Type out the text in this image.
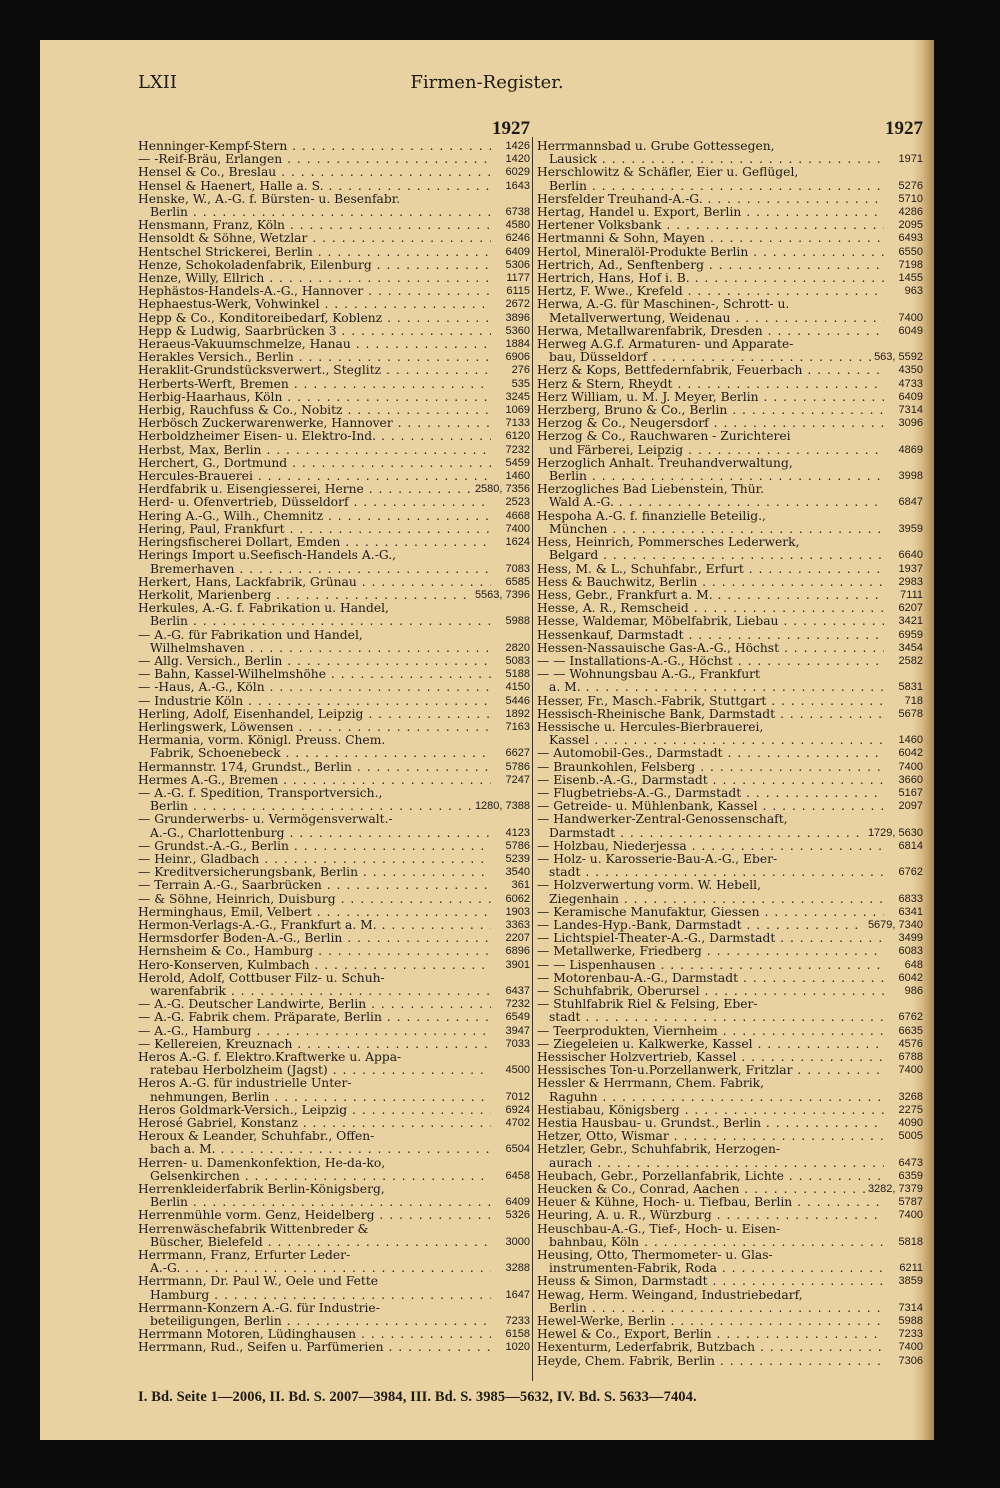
LXII	Firmen-Register.
1927
Henninger-Kempf-Stern . . .	1426
— -Reif-Bräu, Erlangen . . .	1420
Hensel & Co., Breslau . . .	6029
Hensel & Haenert, Halle a. S. . . .	1643
Henske, W., A.-G. f. Bürsten- u. Besenfabr.
Berlin . . .	6738
Hensmann, Franz, Köln . . .	4580
Hensoldt & Söhne, Wetzlar . . .	6246
Hentschel Strickerei, Berlin . . .	6409
Henze, Schokoladenfabrik, Eilenburg . . .	5306
Henze, Willy, Ellrich . . .	1177
Hephästos-Handels-A.-G., Hannover . . .	6115
Hephaestus-Werk, Vohwinkel . . .	2672
Hepp & Co., Konditoreibedarf, Koblenz . . .	3896
Hepp & Ludwig, Saarbrücken 3 . . .	5360
Heraeus-Vakuumschmelze, Hanau . . .	1884
Herakles Versich., Berlin . . .	6906
Heraklit-Grundstücksverwert., Steglitz . . .	276
Herberts-Werft, Bremen . . .	535
Herbig-Haarhaus, Köln . . .	3245
Herbig, Rauchfuss & Co., Nobitz . . .	1069
Herbösch Zuckerwarenwerke, Hannover . . .	7133
Herboldzheimer Eisen- u. Elektro-Ind. . . .	6120
Herbst, Max, Berlin . . .	7232
Herchert, G., Dortmund . . .	5459
Hercules-Brauerei . . .	1460
Herdfabrik u. Eisengiesserei, Herne . . .	2580, 7356
Herd- u. Ofenvertrieb, Düsseldorf . . .	2523
Hering A.-G., Wilh., Chemnitz . . .	4668
Hering, Paul, Frankfurt . . .	7400
Heringsfischerei Dollart, Emden . . .	1624
Herings Import u.Seefisch-Handels A.-G.,
Bremerhaven . . .	7083
Herkert, Hans, Lackfabrik, Grünau . . .	6585
Herkolit, Marienberg . . .	5563, 7396
Herkules, A.-G. f. Fabrikation u. Handel,
Berlin . . .	5988
— A.-G. für Fabrikation und Handel,
Wilhelmshaven . . .	2820
— Allg. Versich., Berlin . . .	5083
— Bahn, Kassel-Wilhelmshöhe . . .	5188
— -Haus, A.-G., Köln . . .	4150
— Industrie Köln . . .	5446
Herling, Adolf, Eisenhandel, Leipzig . . .	1892
Herlingswerk, Löwensen . . .	7163
Hermania, vorm. Königl. Preuss. Chem.
Fabrik, Schoenebeck . . .	6627
Hermannstr. 174, Grundst., Berlin . . .	5786
Hermes A.-G., Bremen . . .	7247
— A.-G. f. Spedition, Transportversich.,
Berlin . . .	1280, 7388
— Grunderwerbs- u. Vermögensverwalt.-
A.-G., Charlottenburg . . .	4123
— Grundst.-A.-G., Berlin . . .	5786
— Heinr., Gladbach . . .	5239
— Kreditversicherungsbank, Berlin . . .	3540
— Terrain A.-G., Saarbrücken . . .	361
— & Söhne, Heinrich, Duisburg . . .	6062
Herminghaus, Emil, Velbert . . .	1903
Hermon-Verlags-A.-G., Frankfurt a. M. . . .	3363
Hermsdorfer Boden-A.-G., Berlin . . .	2207
Hernsheim & Co., Hamburg . . .	6896
Hero-Konserven, Kulmbach . . .	3901
Herold, Adolf, Cottbuser Filz- u. Schuh-
warenfabrik . . .	6437
— A.-G. Deutscher Landwirte, Berlin . . .	7232
— A.-G. Fabrik chem. Präparate, Berlin . . .	6549
— A.-G., Hamburg . . .	3947
— Kellereien, Kreuznach . . .	7033
Heros A.-G. f. Elektro.Kraftwerke u. Appa-
ratebau Herbolzheim (Jagst) . . .	4500
Heros A.-G. für industrielle Unter-
nehmungen, Berlin . . .	7012
Heros Goldmark-Versich., Leipzig . . .	6924
Herosé Gabriel, Konstanz . . .	4702
Heroux & Leander, Schuhfabr., Offen-
bach a. M. . . .	6504
Herren- u. Damenkonfektion, He-da-ko,
Gelsenkirchen . . .	6458
Herrenkleiderfabrik Berlin-Königsberg,
Berlin . . .	6409
Herrenmühle vorm. Genz, Heidelberg . . .	5326
Herrenwäschefabrik Wittenbreder &
Büscher, Bielefeld . . .	3000
Herrmann, Franz, Erfurter Leder-
A.-G. . . .	3288
Herrmann, Dr. Paul W., Oele und Fette
Hamburg . . .	1647
Herrmann-Konzern A.-G. für Industrie-
beteiligungen, Berlin . . .	7233
Herrmann Motoren, Lüdinghausen . . .	6158
Herrmann, Rud., Seifen u. Parfümerien . . .	1020
1927
Herrmannsbad u. Grube Gottessegen,
Lausick . . .	1971
Herschlowitz & Schäfler, Eier u. Geflügel,
Berlin . . .	5276
Hersfelder Treuhand-A.-G. . . .	5710
Hertag, Handel u. Export, Berlin . . .	4286
Hertener Volksbank . . .	2095
Hertmanni & Sohn, Mayen . . .	6493
Hertol, Mineralöl-Produkte Berlin . . .	6550
Hertrich, Ad., Senftenberg . . .	7198
Hertrich, Hans, Hof i. B. . . .	1455
Hertz, F. Wwe., Krefeld . . .	963
Herwa, A.-G. für Maschinen-, Schrott- u.
Metallverwertung, Weidenau . . .	7400
Herwa, Metallwarenfabrik, Dresden . . .	6049
Herweg A.G.f. Armaturen- und Apparate-
bau, Düsseldorf . . .	563, 5592
Herz & Kops, Bettfedernfabrik, Feuerbach . . .	4350
Herz & Stern, Rheydt . . .	4733
Herz William, u. M. J. Meyer, Berlin . . .	6409
Herzberg, Bruno & Co., Berlin . . .	7314
Herzog & Co., Neugersdorf . . .	3096
Herzog & Co., Rauchwaren - Zurichterei
und Färberei, Leipzig . . .	4869
Herzoglich Anhalt. Treuhandverwaltung,
Berlin . . .	3998
Herzogliches Bad Liebenstein, Thür.
Wald A.-G. . . .	6847
Hespoha A.-G. f. finanzielle Beteilig.,
München . . .	3959
Hess, Heinrich, Pommersches Lederwerk,
Belgard . . .	6640
Hess, M. & L., Schuhfabr., Erfurt . . .	1937
Hess & Bauchwitz, Berlin . . .	2983
Hess, Gebr., Frankfurt a. M. . . .	7111
Hesse, A. R., Remscheid . . .	6207
Hesse, Waldemar, Möbelfabrik, Liebau . . .	3421
Hessenkauf, Darmstadt . . .	6959
Hessen-Nassauische Gas-A.-G., Höchst . . .	3454
— — Installations-A.-G., Höchst . . .	2582
— — Wohnungsbau A.-G., Frankfurt
a. M. . . .	5831
Hesser, Fr., Masch.-Fabrik, Stuttgart . . .	718
Hessisch-Rheinische Bank, Darmstadt . . .	5678
Hessische u. Hercules-Bierbrauerei,
Kassel . . .	1460
— Automobil-Ges., Darmstadt . . .	6042
— Braunkohlen, Felsberg . . .	7400
— Eisenb.-A.-G., Darmstadt . . .	3660
— Flugbetriebs-A.-G., Darmstadt . . .	5167
— Getreide- u. Mühlenbank, Kassel . . .	2097
— Handwerker-Zentral-Genossenschaft,
Darmstadt . . .	1729, 5630
— Holzbau, Niederjessa . . .	6814
— Holz- u. Karosserie-Bau-A.-G., Eber-
stadt . . .	6762
— Holzverwertung vorm. W. Hebell,
Ziegenhain . . .	6833
— Keramische Manufaktur, Giessen . . .	6341
— Landes-Hyp.-Bank, Darmstadt . . .	5679, 7340
— Lichtspiel-Theater-A.-G., Darmstadt . . .	3499
— Metallwerke, Friedberg . . .	6083
— — Lispenhausen . . .	648
— Motorenbau-A.-G., Darmstadt . . .	6042
— Schuhfabrik, Oberursel . . .	986
— Stuhlfabrik Riel & Felsing, Eber-
stadt . . .	6762
— Teerprodukten, Viernheim . . .	6635
— Ziegeleien u. Kalkwerke, Kassel . . .	4576
Hessischer Holzvertrieb, Kassel . . .	6788
Hessisches Ton-u.Porzellanwerk, Fritzlar . . .	7400
Hessler & Herrmann, Chem. Fabrik,
Raguhn . . .	3268
Hestiabau, Königsberg . . .	2275
Hestia Hausbau- u. Grundst., Berlin . . .	4090
Hetzer, Otto, Wismar . . .	5005
Hetzler, Gebr., Schuhfabrik, Herzogen-
aurach . . .	6473
Heubach, Gebr., Porzellanfabrik, Lichte . . .	6359
Heucken & Co., Conrad, Aachen . . .	3282, 7379
Heuer & Kühne, Hoch- u. Tiefbau, Berlin . . .	5787
Heuring, A. u. R., Würzburg . . .	7400
Heuschbau-A.-G., Tief-, Hoch- u. Eisen-
bahnbau, Köln . . .	5818
Heusing, Otto, Thermometer- u. Glas-
instrumenten-Fabrik, Roda . . .	6211
Heuss & Simon, Darmstadt . . .	3859
Hewag, Herm. Weingand, Industriebedarf,
Berlin . . .	7314
Hewel-Werke, Berlin . . .	5988
Hewel & Co., Export, Berlin . . .	7233
Hexenturm, Lederfabrik, Butzbach . . .	7400
Heyde, Chem. Fabrik, Berlin . . .	7306
I. Bd. Seite 1—2006, II. Bd. S. 2007—3984, III. Bd. S. 3985—5632, IV. Bd. S. 5633—7404.
